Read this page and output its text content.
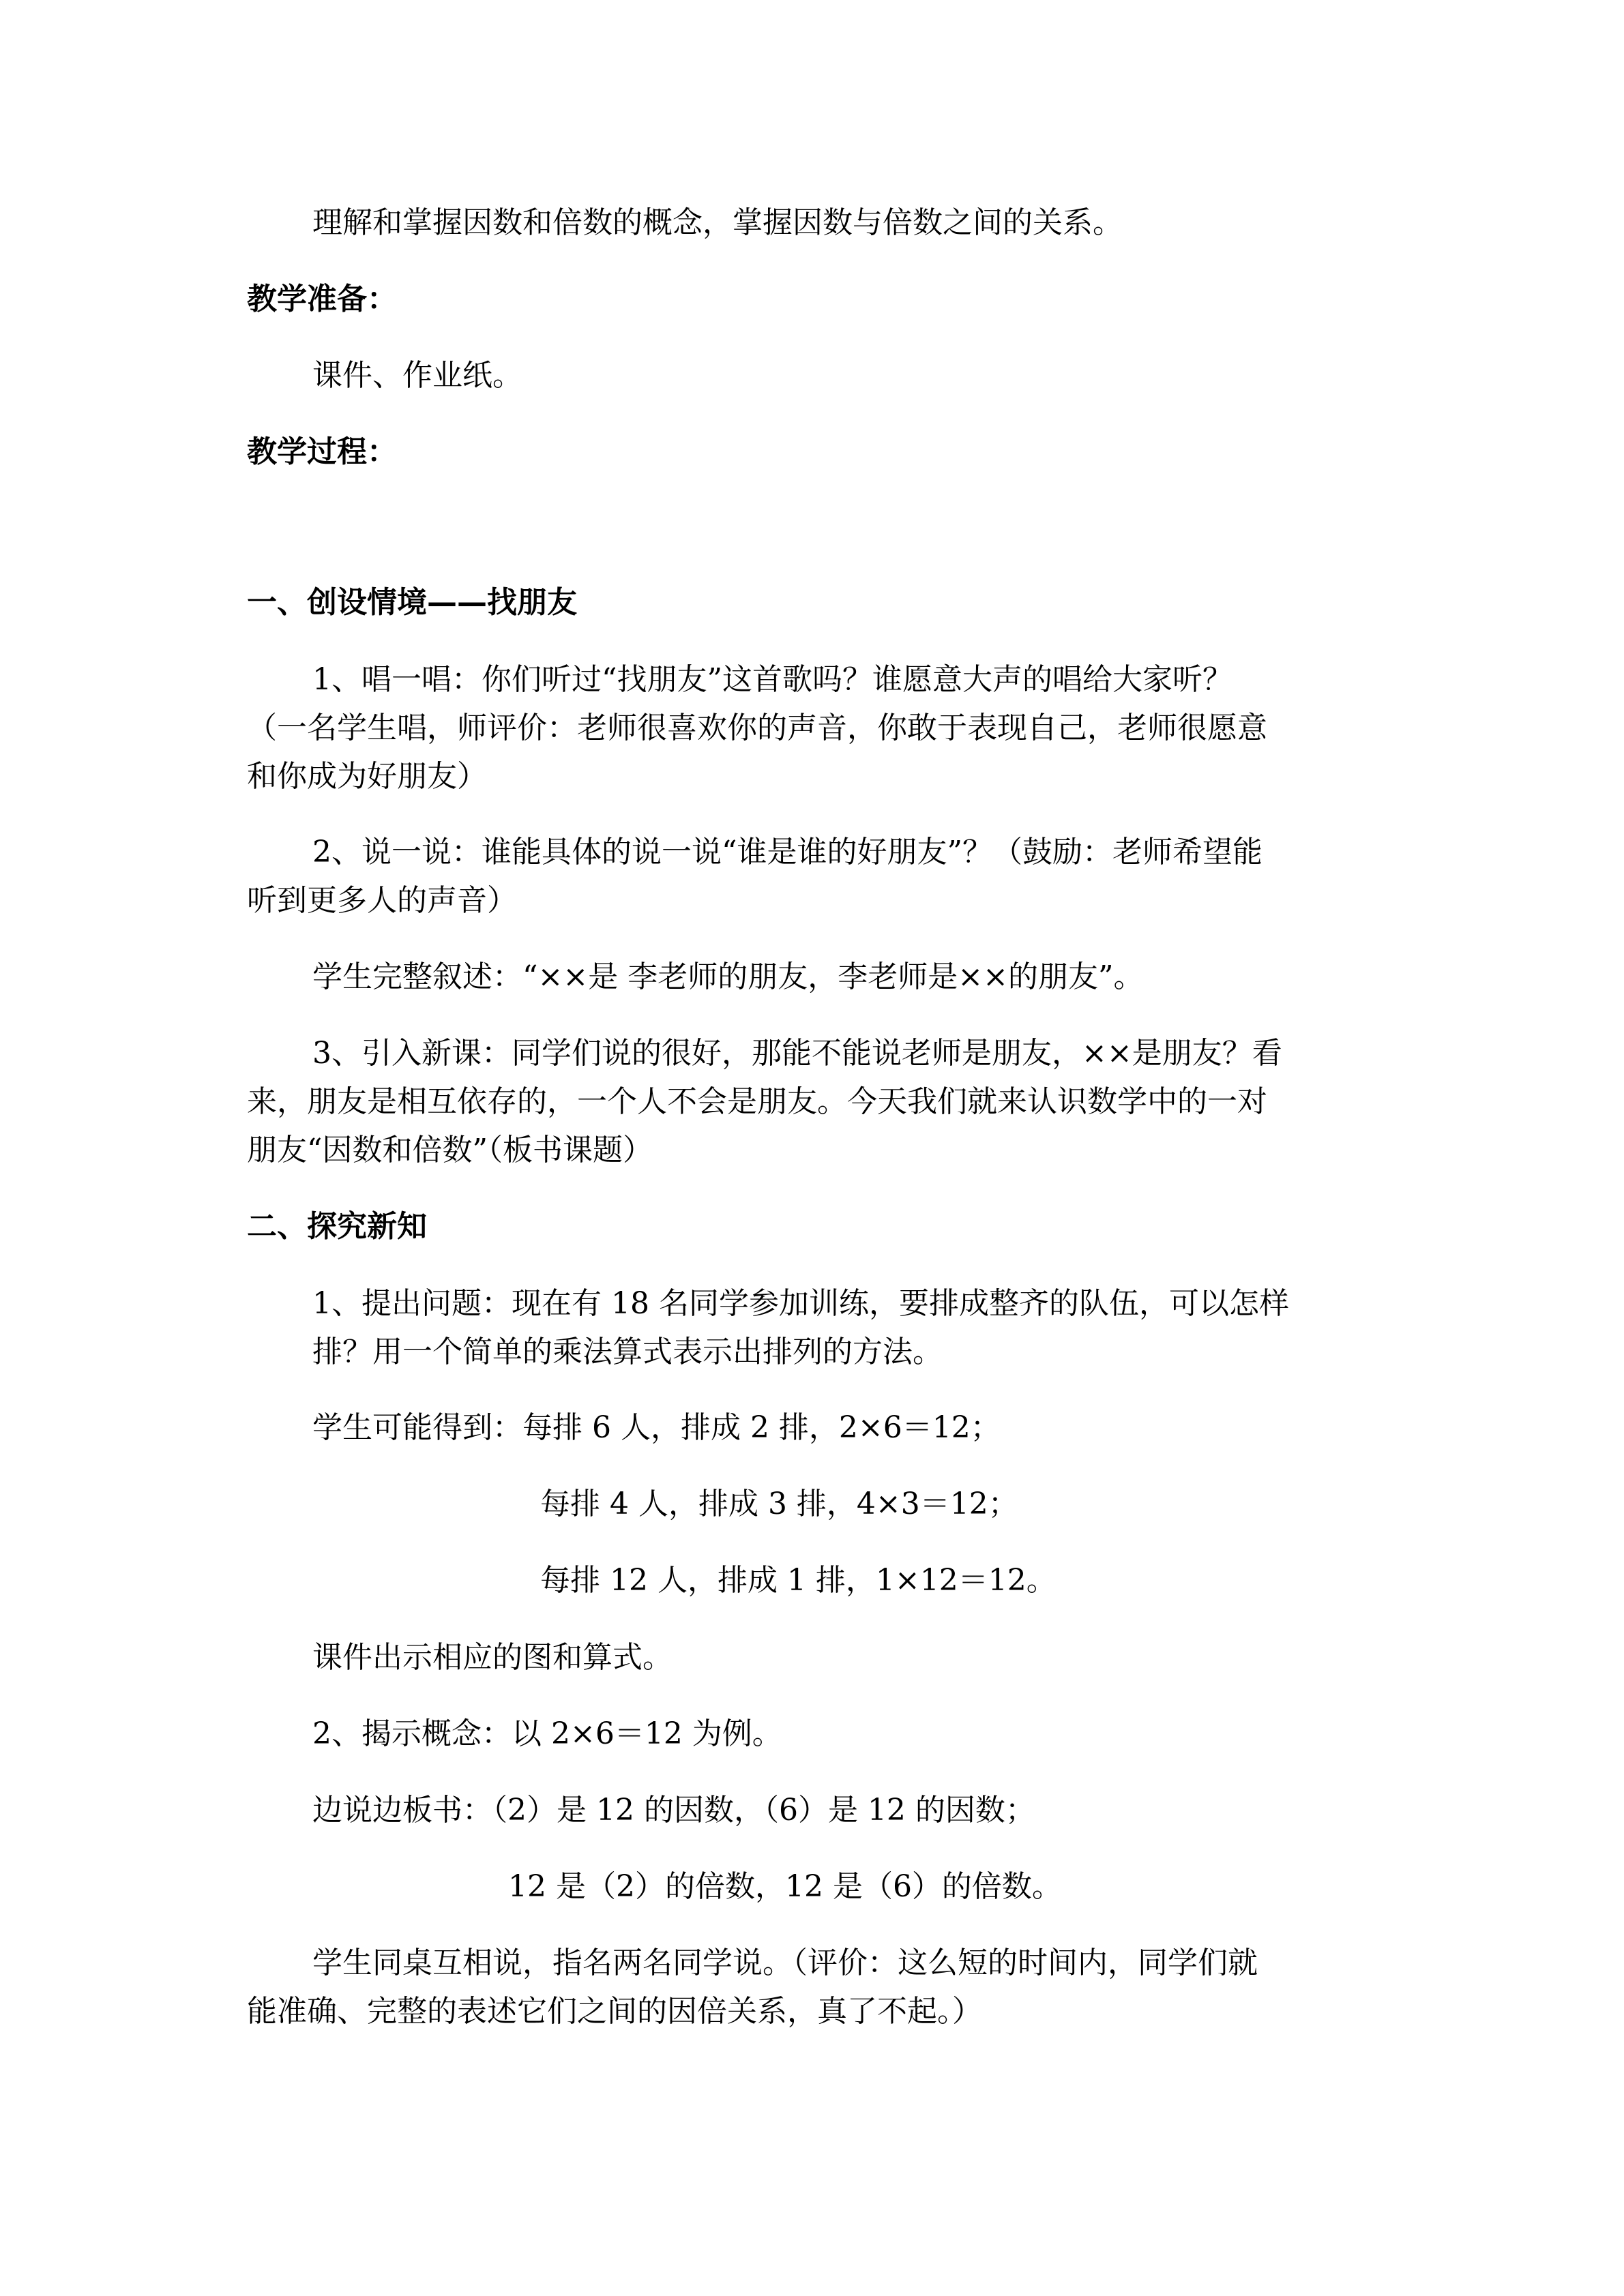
理解和掌握因数和倍数的概念，掌握因数与倍数之间的关系。

教学准备：

课件、作业纸。

教学过程：

一、创设情境——找朋友

1、唱一唱：你们听过“找朋友”这首歌吗？谁愿意大声的唱给大家听？

（一名学生唱，师评价：老师很喜欢你的声音，你敢于表现自己，老师很愿意

和你成为好朋友）

2、说一说：谁能具体的说一说“谁是谁的好朋友”？（鼓励：老师希望能

听到更多人的声音）

学生完整叙述：“××是 李老师的朋友，李老师是××的朋友”。

3、引入新课：同学们说的很好，那能不能说老师是朋友，××是朋友？看

来，朋友是相互依存的，一个人不会是朋友。今天我们就来认识数学中的一对

朋友“因数和倍数”（板书课题）

二、探究新知

1、提出问题：现在有 18 名同学参加训练，要排成整齐的队伍，可以怎样

排？用一个简单的乘法算式表示出排列的方法。

学生可能得到：每排 6 人，排成 2 排，2×6＝12；

每排 4 人，排成 3 排，4×3＝12；

每排 12 人，排成 1 排，1×12＝12。

课件出示相应的图和算式。

2、揭示概念：以 2×6＝12 为例。

边说边板书：（2）是 12 的因数，（6）是 12 的因数；

12 是（2）的倍数，12 是（6）的倍数。

学生同桌互相说，指名两名同学说。（评价：这么短的时间内，同学们就

能准确、完整的表述它们之间的因倍关系，真了不起。）
